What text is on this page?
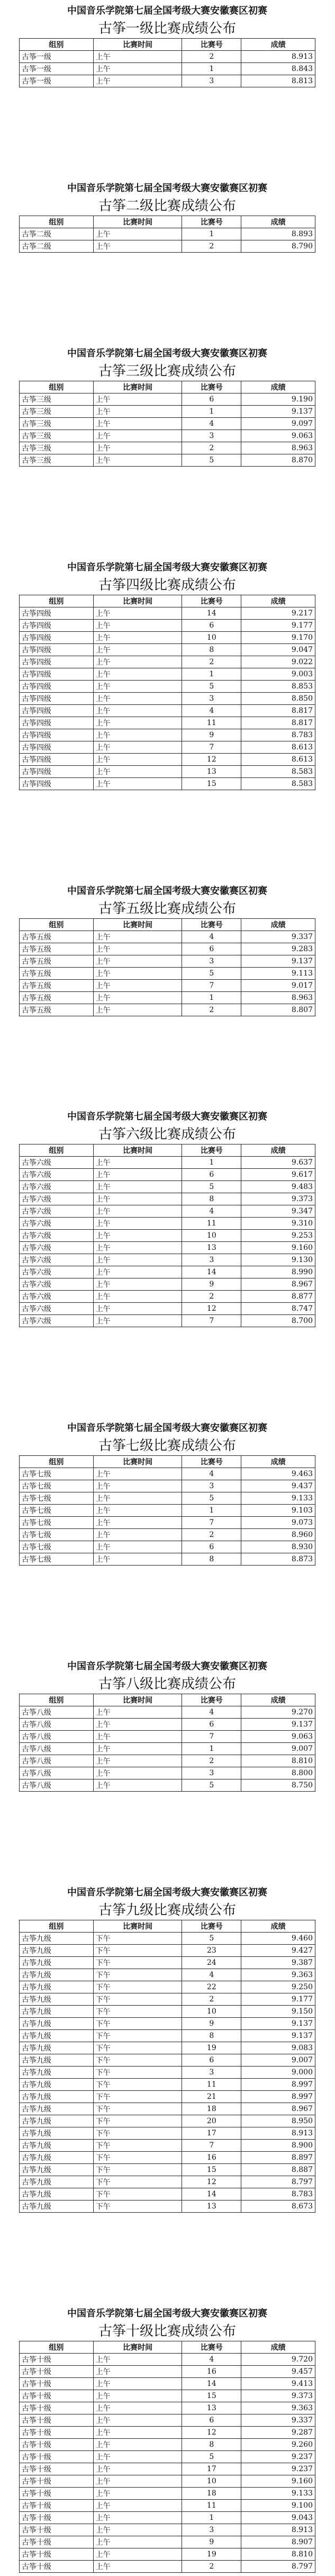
中国音乐学院第七届全国考级大赛安徽赛区初赛
古筝一级比赛成绩公布
组别	比赛时间	比赛号	成绩
古筝一级	上午	2	8.913
古筝一级	上午	1	8.843
古筝一级	上午	3	8.813
中国音乐学院第七届全国考级大赛安徽赛区初赛
古筝二级比赛成绩公布
组别	比赛时间	比赛号	成绩
古筝二级	上午	1	8.893
古筝二级	上午	2	8.790
中国音乐学院第七届全国考级大赛安徽赛区初赛
古筝三级比赛成绩公布
组别	比赛时间	比赛号	成绩
古筝三级	上午	6	9.190
古筝三级	上午	1	9.137
古筝三级	上午	4	9.097
古筝三级	上午	3	9.063
古筝三级	上午	2	8.963
古筝三级	上午	5	8.870
中国音乐学院第七届全国考级大赛安徽赛区初赛
古筝四级比赛成绩公布
组别	比赛时间	比赛号	成绩
古筝四级	上午	14	9.217
古筝四级	上午	6	9.177
古筝四级	上午	10	9.170
古筝四级	上午	8	9.047
古筝四级	上午	2	9.022
古筝四级	上午	1	9.003
古筝四级	上午	5	8.853
古筝四级	上午	3	8.850
古筝四级	上午	4	8.817
古筝四级	上午	11	8.817
古筝四级	上午	9	8.783
古筝四级	上午	7	8.613
古筝四级	上午	12	8.613
古筝四级	上午	13	8.583
古筝四级	上午	15	8.583
中国音乐学院第七届全国考级大赛安徽赛区初赛
古筝五级比赛成绩公布
组别	比赛时间	比赛号	成绩
古筝五级	上午	4	9.337
古筝五级	上午	6	9.283
古筝五级	上午	3	9.137
古筝五级	上午	5	9.113
古筝五级	上午	7	9.017
古筝五级	上午	1	8.963
古筝五级	上午	2	8.807
中国音乐学院第七届全国考级大赛安徽赛区初赛
古筝六级比赛成绩公布
组别	比赛时间	比赛号	成绩
古筝六级	上午	1	9.637
古筝六级	上午	6	9.617
古筝六级	上午	5	9.483
古筝六级	上午	8	9.373
古筝六级	上午	4	9.347
古筝六级	上午	11	9.310
古筝六级	上午	10	9.253
古筝六级	上午	13	9.160
古筝六级	上午	3	9.130
古筝六级	上午	14	8.990
古筝六级	上午	9	8.967
古筝六级	上午	2	8.877
古筝六级	上午	12	8.747
古筝六级	上午	7	8.700
中国音乐学院第七届全国考级大赛安徽赛区初赛
古筝七级比赛成绩公布
组别	比赛时间	比赛号	成绩
古筝七级	上午	4	9.463
古筝七级	上午	3	9.437
古筝七级	上午	5	9.133
古筝七级	上午	1	9.103
古筝七级	上午	7	9.073
古筝七级	上午	2	8.960
古筝七级	上午	6	8.930
古筝七级	上午	8	8.873
中国音乐学院第七届全国考级大赛安徽赛区初赛
古筝八级比赛成绩公布
组别	比赛时间	比赛号	成绩
古筝八级	上午	4	9.270
古筝八级	上午	6	9.137
古筝八级	上午	7	9.063
古筝八级	上午	1	9.007
古筝八级	上午	2	8.810
古筝八级	上午	3	8.800
古筝八级	上午	5	8.750
中国音乐学院第七届全国考级大赛安徽赛区初赛
古筝九级比赛成绩公布
组别	比赛时间	比赛号	成绩
古筝九级	下午	5	9.460
古筝九级	下午	23	9.427
古筝九级	下午	24	9.387
古筝九级	下午	4	9.363
古筝九级	下午	22	9.250
古筝九级	下午	2	9.177
古筝九级	下午	10	9.150
古筝九级	下午	9	9.137
古筝九级	下午	8	9.137
古筝九级	下午	19	9.083
古筝九级	下午	6	9.007
古筝九级	下午	3	9.000
古筝九级	下午	11	8.997
古筝九级	下午	21	8.997
古筝九级	下午	18	8.967
古筝九级	下午	20	8.950
古筝九级	下午	17	8.913
古筝九级	下午	7	8.900
古筝九级	下午	16	8.897
古筝九级	下午	15	8.887
古筝九级	下午	12	8.797
古筝九级	下午	14	8.783
古筝九级	下午	13	8.673
中国音乐学院第七届全国考级大赛安徽赛区初赛
古筝十级比赛成绩公布
组别	比赛时间	比赛号	成绩
古筝十级	上午	4	9.720
古筝十级	上午	16	9.457
古筝十级	上午	14	9.413
古筝十级	上午	15	9.373
古筝十级	上午	13	9.363
古筝十级	上午	6	9.337
古筝十级	上午	12	9.287
古筝十级	上午	8	9.260
古筝十级	上午	5	9.237
古筝十级	上午	17	9.237
古筝十级	上午	10	9.160
古筝十级	上午	18	9.133
古筝十级	上午	11	9.100
古筝十级	上午	1	9.043
古筝十级	上午	3	8.913
古筝十级	上午	9	8.907
古筝十级	上午	19	8.810
古筝十级	上午	2	8.797
